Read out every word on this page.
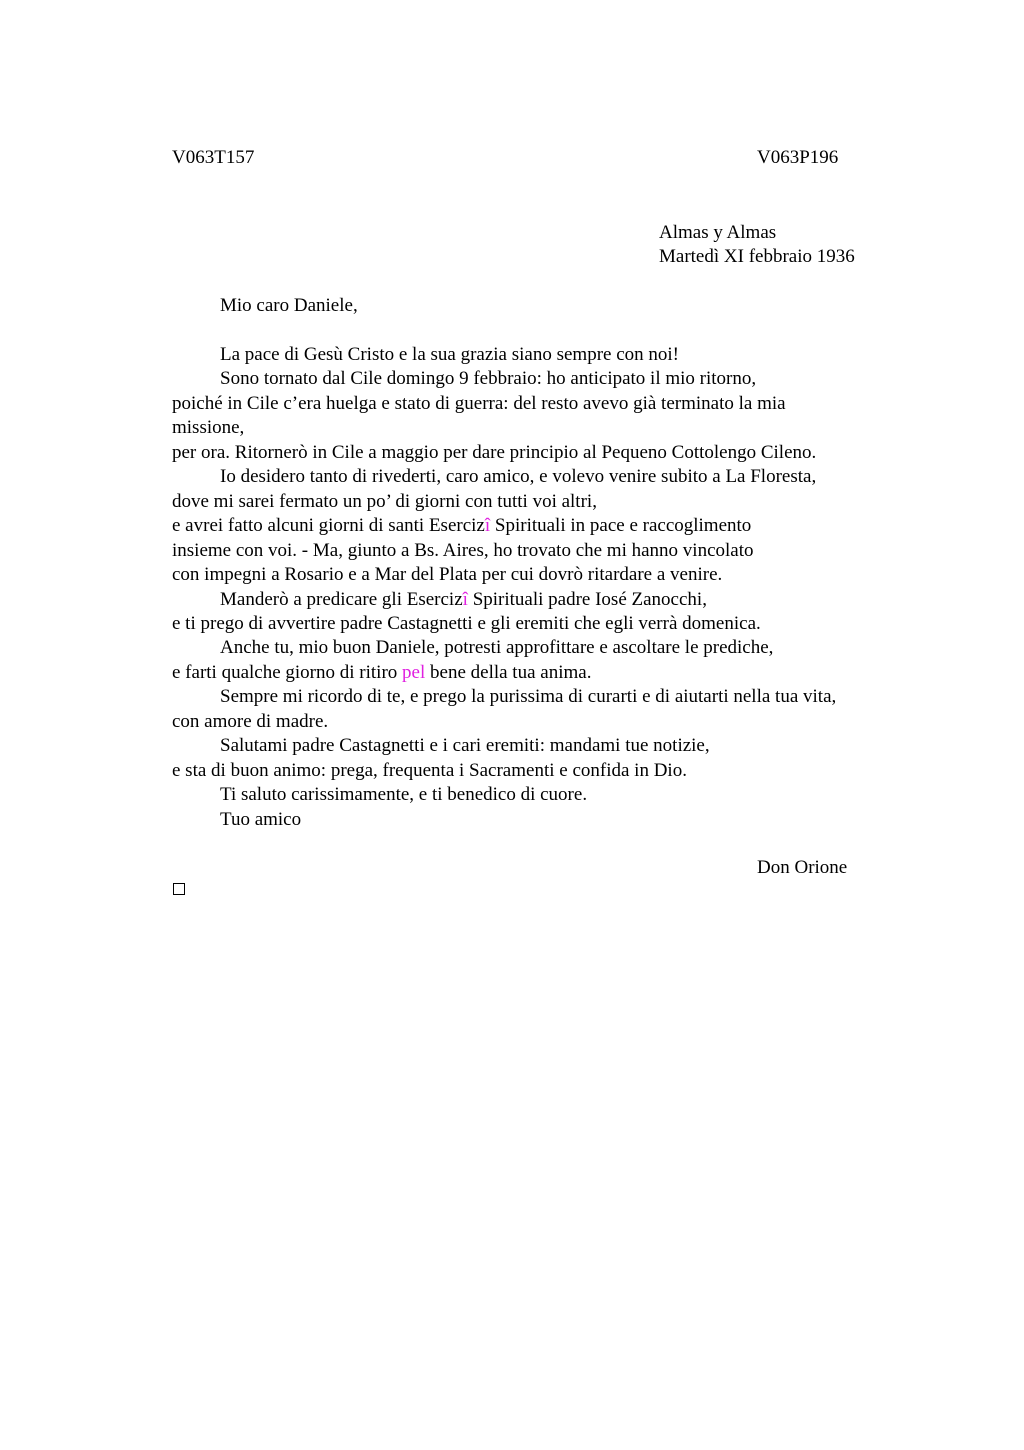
V063T157	V063P196
Almas y Almas
Martedì XI febbraio 1936
Mio caro Daniele,
La pace di Gesù Cristo e la sua grazia siano sempre con noi!
Sono tornato dal Cile domingo 9 febbraio: ho anticipato il mio ritorno,
poiché in Cile c’era huelga e stato di guerra: del resto avevo già terminato la mia
missione,
per ora. Ritornerò in Cile a maggio per dare principio al Pequeno Cottolengo Cileno.
Io desidero tanto di rivederti, caro amico, e volevo venire subito a La Floresta,
dove mi sarei fermato un po’ di giorni con tutti voi altri,
e avrei fatto alcuni giorni di santi Esercizî Spirituali in pace e raccoglimento
insieme con voi. - Ma, giunto a Bs. Aires, ho trovato che mi hanno vincolato
con impegni a Rosario e a Mar del Plata per cui dovrò ritardare a venire.
Manderò a predicare gli Esercizî Spirituali padre Iosé Zanocchi,
e ti prego di avvertire padre Castagnetti e gli eremiti che egli verrà domenica.
Anche tu, mio buon Daniele, potresti approfittare e ascoltare le prediche,
e farti qualche giorno di ritiro pel bene della tua anima.
Sempre mi ricordo di te, e prego la purissima di curarti e di aiutarti nella tua vita,
con amore di madre.
Salutami padre Castagnetti e i cari eremiti: mandami tue notizie,
e sta di buon animo: prega, frequenta i Sacramenti e confida in Dio.
Ti saluto carissimamente, e ti benedico di cuore.
Tuo amico
Don Orione
